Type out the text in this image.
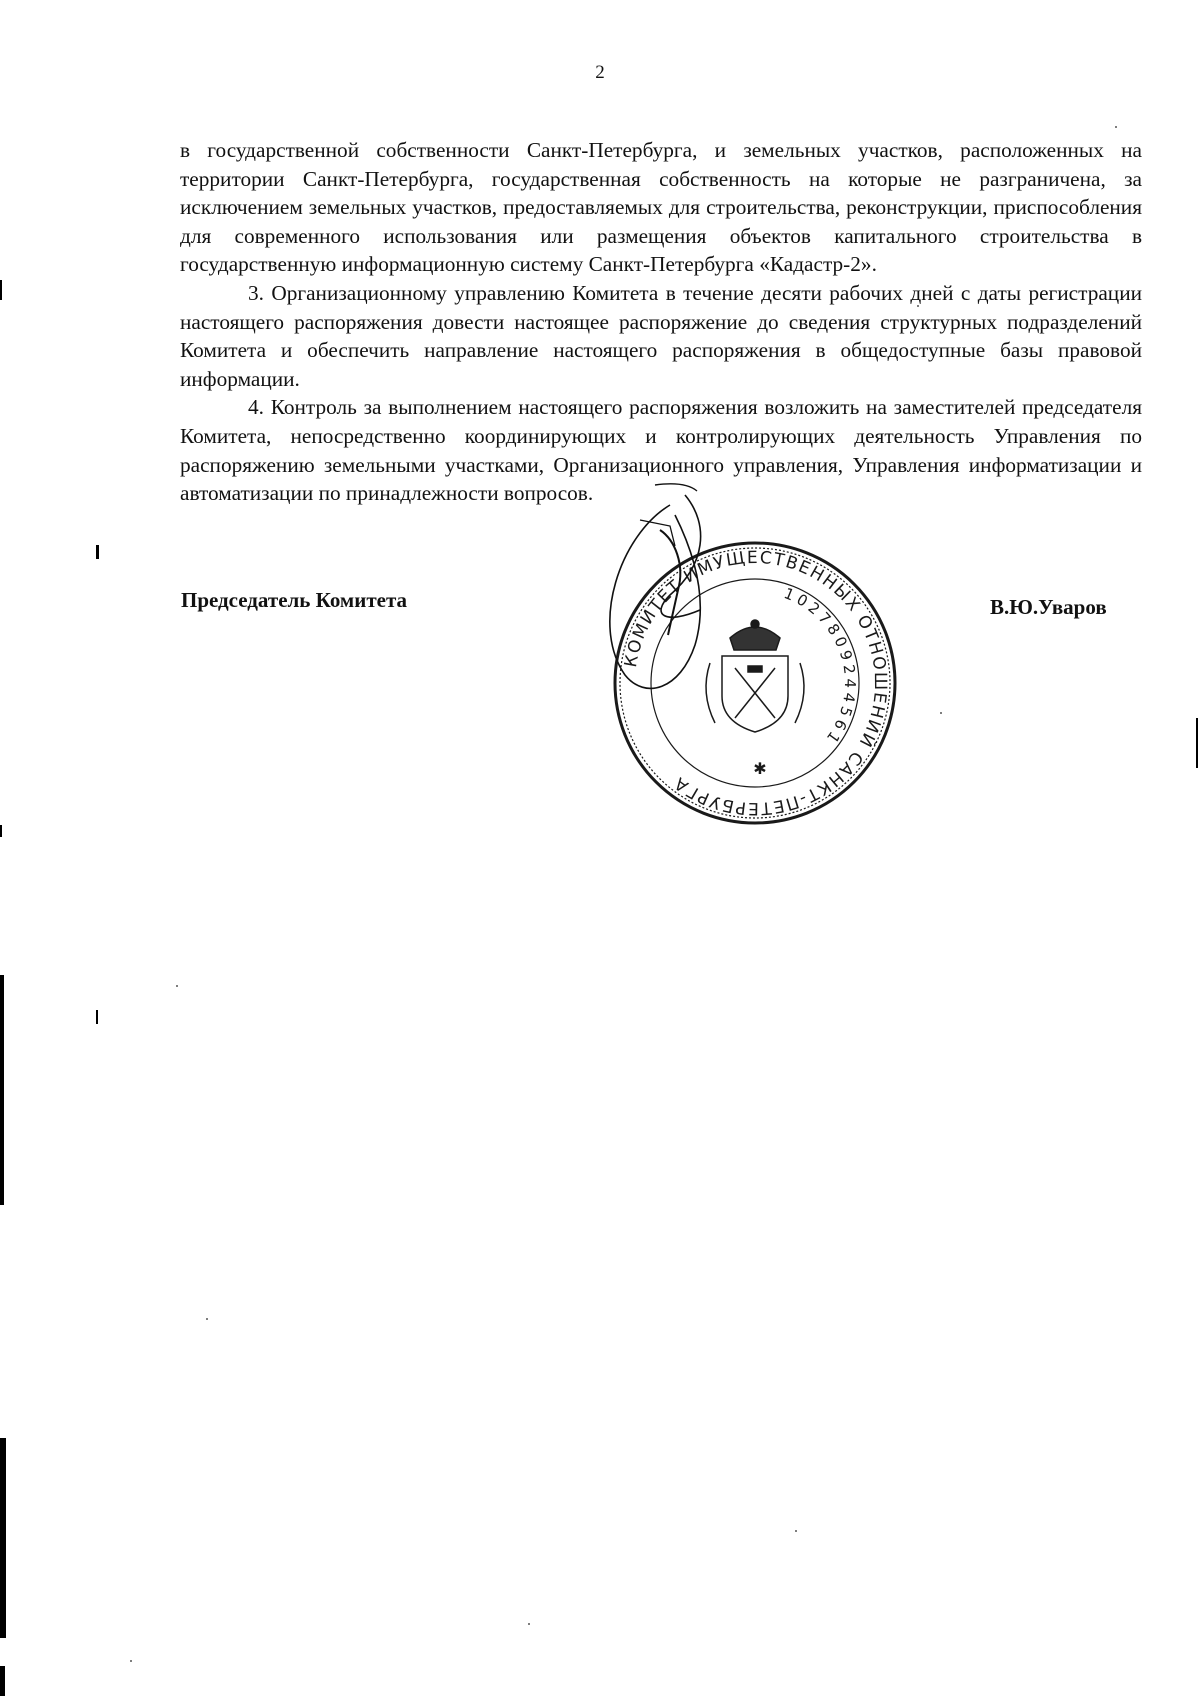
2

в государственной собственности Санкт-Петербурга, и земельных участков, расположенных на территории Санкт-Петербурга, государственная собственность на которые не разграничена, за исключением земельных участков, предоставляемых для строительства, реконструкции, приспособления для современного использования или размещения объектов капитального строительства в государственную информационную систему Санкт-Петербурга «Кадастр-2».

3. Организационному управлению Комитета в течение десяти рабочих дней с даты регистрации настоящего распоряжения довести настоящее распоряжение до сведения структурных подразделений Комитета и обеспечить направление настоящего распоряжения в общедоступные базы правовой информации.

4. Контроль за выполнением настоящего распоряжения возложить на заместителей председателя Комитета, непосредственно координирующих и контролирующих деятельность Управления по распоряжению земельными участками, Организационного управления, Управления информатизации и автоматизации по принадлежности вопросов.

Председатель Комитета	В.Ю.Уваров
КОМИТЕТ ИМУЩЕСТВЕННЫХ ОТНОШЕНИЙ САНКТ-ПЕТЕРБУРГА
1027809244561
✱
